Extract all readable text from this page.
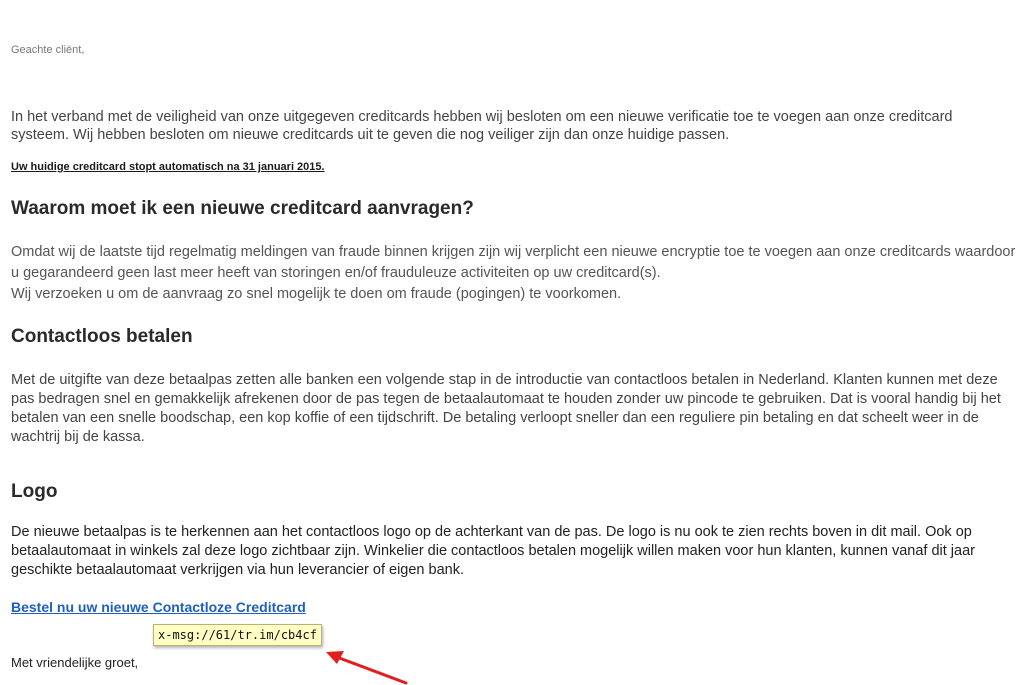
Geachte cliënt,

In het verband met de veiligheid van onze uitgegeven creditcards hebben wij besloten om een nieuwe verificatie toe te voegen aan onze creditcard systeem. Wij hebben besloten om nieuwe creditcards uit te geven die nog veiliger zijn dan onze huidige passen.

Uw huidige creditcard stopt automatisch na 31 januari 2015.

Waarom moet ik een nieuwe creditcard aanvragen?
Omdat wij de laatste tijd regelmatig meldingen van fraude binnen krijgen zijn wij verplicht een nieuwe encryptie toe te voegen aan onze creditcards waardoor u gegarandeerd geen last meer heeft van storingen en/of frauduleuze activiteiten op uw creditcard(s).
Wij verzoeken u om de aanvraag zo snel mogelijk te doen om fraude (pogingen) te voorkomen.
Contactloos betalen

Met de uitgifte van deze betaalpas zetten alle banken een volgende stap in de introductie van contactloos betalen in Nederland. Klanten kunnen met deze pas bedragen snel en gemakkelijk afrekenen door de pas tegen de betaalautomaat te houden zonder uw pincode te gebruiken. Dat is vooral handig bij het betalen van een snelle boodschap, een kop koffie of een tijdschrift. De betaling verloopt sneller dan een reguliere pin betaling en dat scheelt weer in de wachtrij bij de kassa.

Logo

De nieuwe betaalpas is te herkennen aan het contactloos logo op de achterkant van de pas. De logo is nu ook te zien rechts boven in dit mail. Ook op betaalautomaat in winkels zal deze logo zichtbaar zijn. Winkelier die contactloos betalen mogelijk willen maken voor hun klanten, kunnen vanaf dit jaar geschikte betaalautomaat verkrijgen via hun leverancier of eigen bank.

Bestel nu uw nieuwe Contactloze Creditcard
x-msg://61/tr.im/cb4cf

Met vriendelijke groet,
